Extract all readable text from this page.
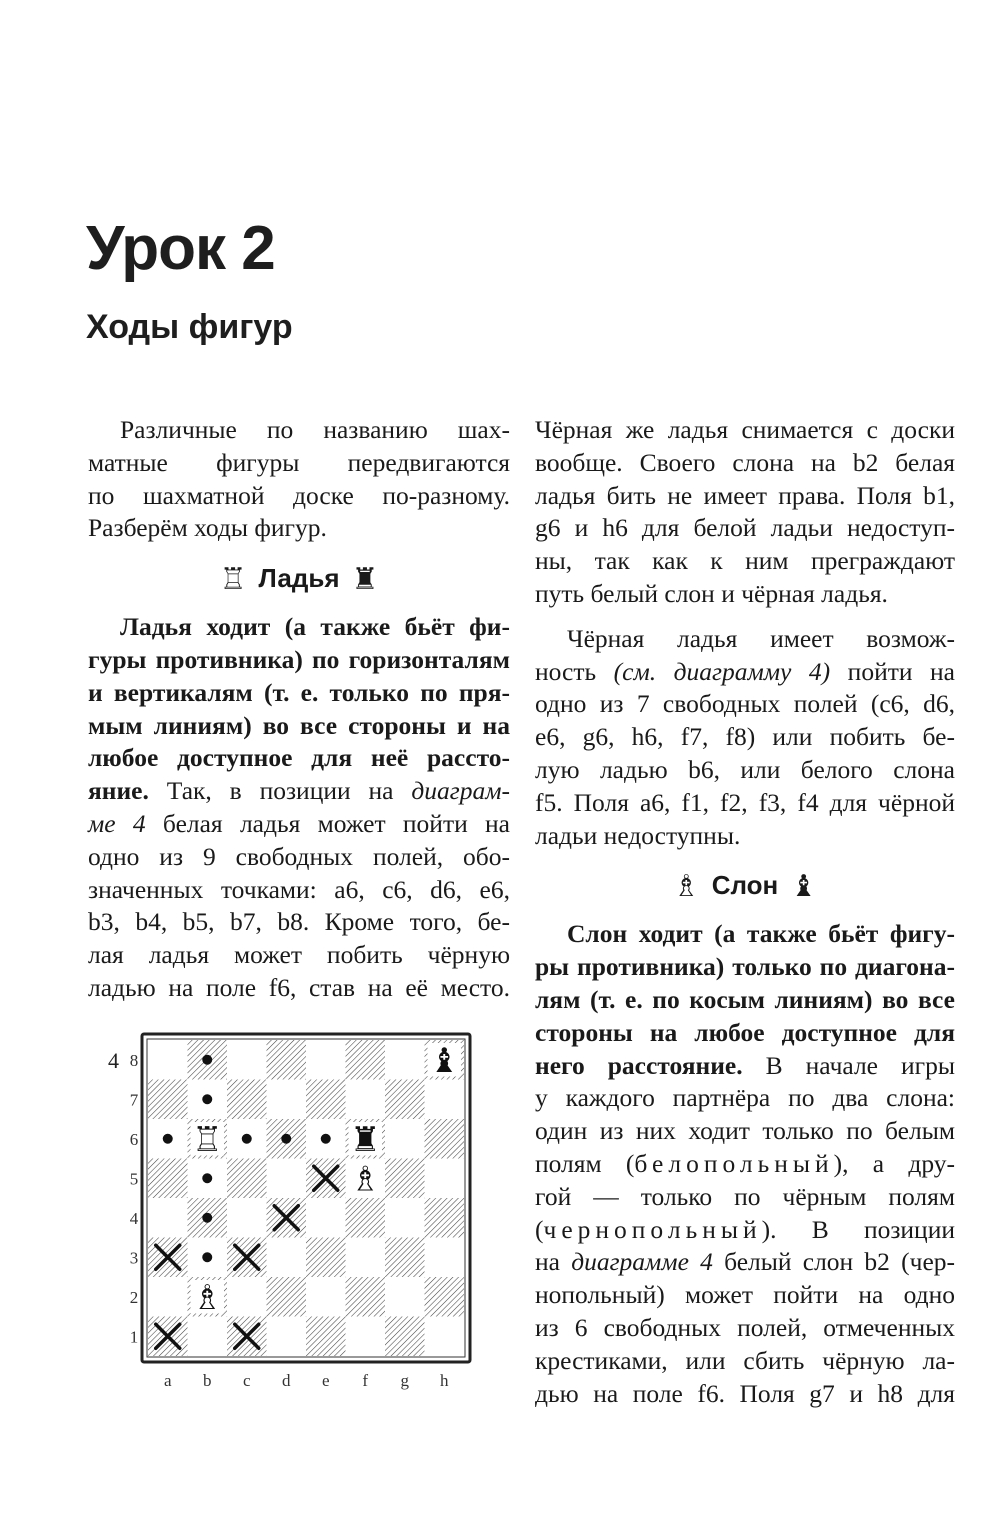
Урок 2
Ходы фигур

Различные по названию шах-
матные фигуры передвигаются
по шахматной доске по-разному.
Разберём ходы фигур.

♖ Ладья ♜

Ладья ходит (а также бьёт фи-
гуры противника) по горизонталям
и вертикалям (т. е. только по пря-
мым линиям) во все стороны и на
любое доступное для неё рассто-
яние. Так, в позиции на диаграм-
ме 4 белая ладья может пойти на
одно из 9 свободных полей, обо-
значенных точками: а6, с6, d6, е6,
b3, b4, b5, b7, b8. Кроме того, бе-
лая ладья может побить чёрную
ладью на поле f6, став на её место.

4 8
7
6
5
4
3
2
1
a b c d e f g h
♖	♜
♗
♗
♝

Чёрная же ладья снимается с доски
вообще. Своего слона на b2 белая
ладья бить не имеет права. Поля b1,
g6 и h6 для белой ладьи недоступ-
ны, так как к ним преграждают
путь белый слон и чёрная ладья.

Чёрная ладья имеет возмож-
ность (см. диаграмму 4) пойти на
одно из 7 свободных полей (с6, d6,
е6, g6, h6, f7, f8) или побить бе-
лую ладью b6, или белого слона
f5. Поля а6, f1, f2, f3, f4 для чёрной
ладьи недоступны.

♗ Слон ♝

Слон ходит (а также бьёт фигу-
ры противника) только по диагона-
лям (т. е. по косым линиям) во все
стороны на любое доступное для
него расстояние. В начале игры
у каждого партнёра по два слона:
один из них ходит только по белым
полям (белопольный), а дру-
гой — только по чёрным полям
(чернопольный). В позиции
на диаграмме 4 белый слон b2 (чер-
нопольный) может пойти на одно
из 6 свободных полей, отмеченных
крестиками, или сбить чёрную ла-
дью на поле f6. Поля g7 и h8 для
